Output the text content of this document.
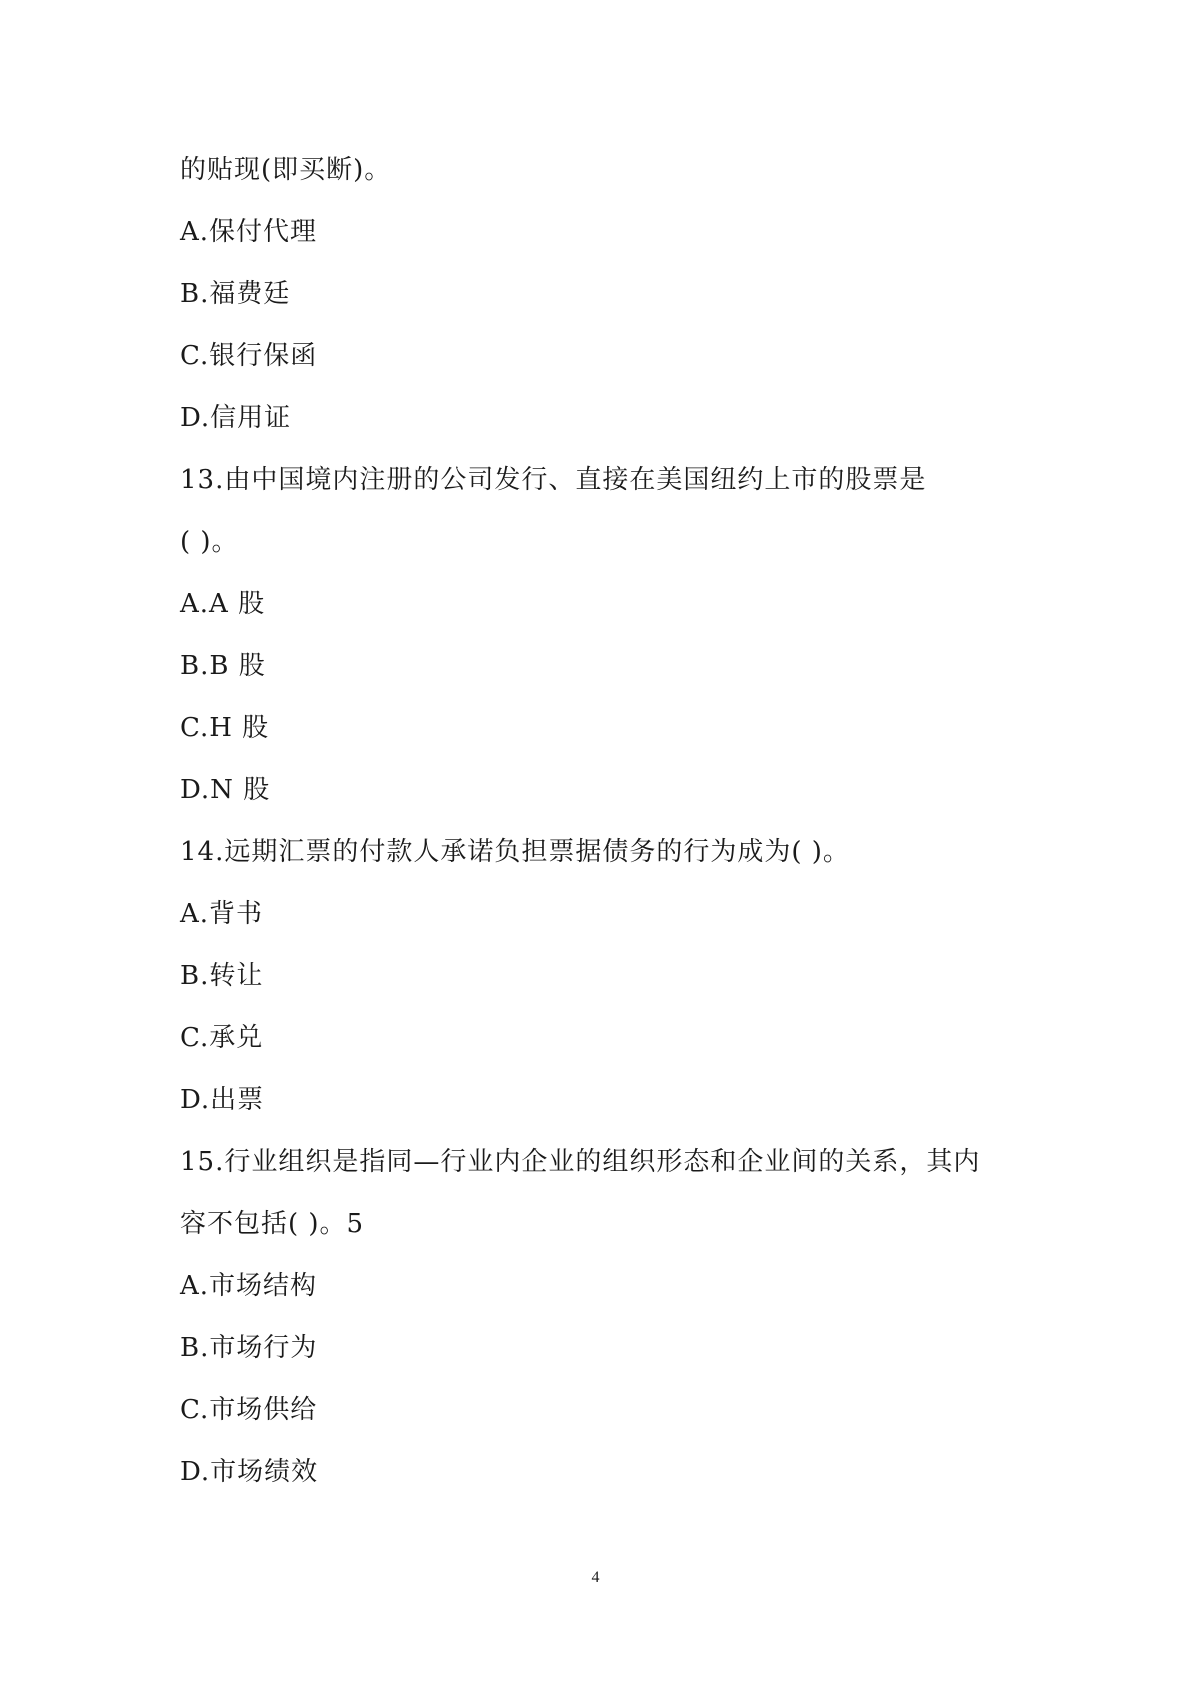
的贴现(即买断)。
A.保付代理
B.福费廷
C.银行保函
D.信用证
13.由中国境内注册的公司发行、直接在美国纽约上市的股票是
( )。
A.A 股
B.B 股
C.H 股
D.N 股
14.远期汇票的付款人承诺负担票据债务的行为成为( )。
A.背书
B.转让
C.承兑
D.出票
15.行业组织是指同—行业内企业的组织形态和企业间的关系，其内
容不包括( )。5
A.市场结构
B.市场行为
C.市场供给
D.市场绩效
4
